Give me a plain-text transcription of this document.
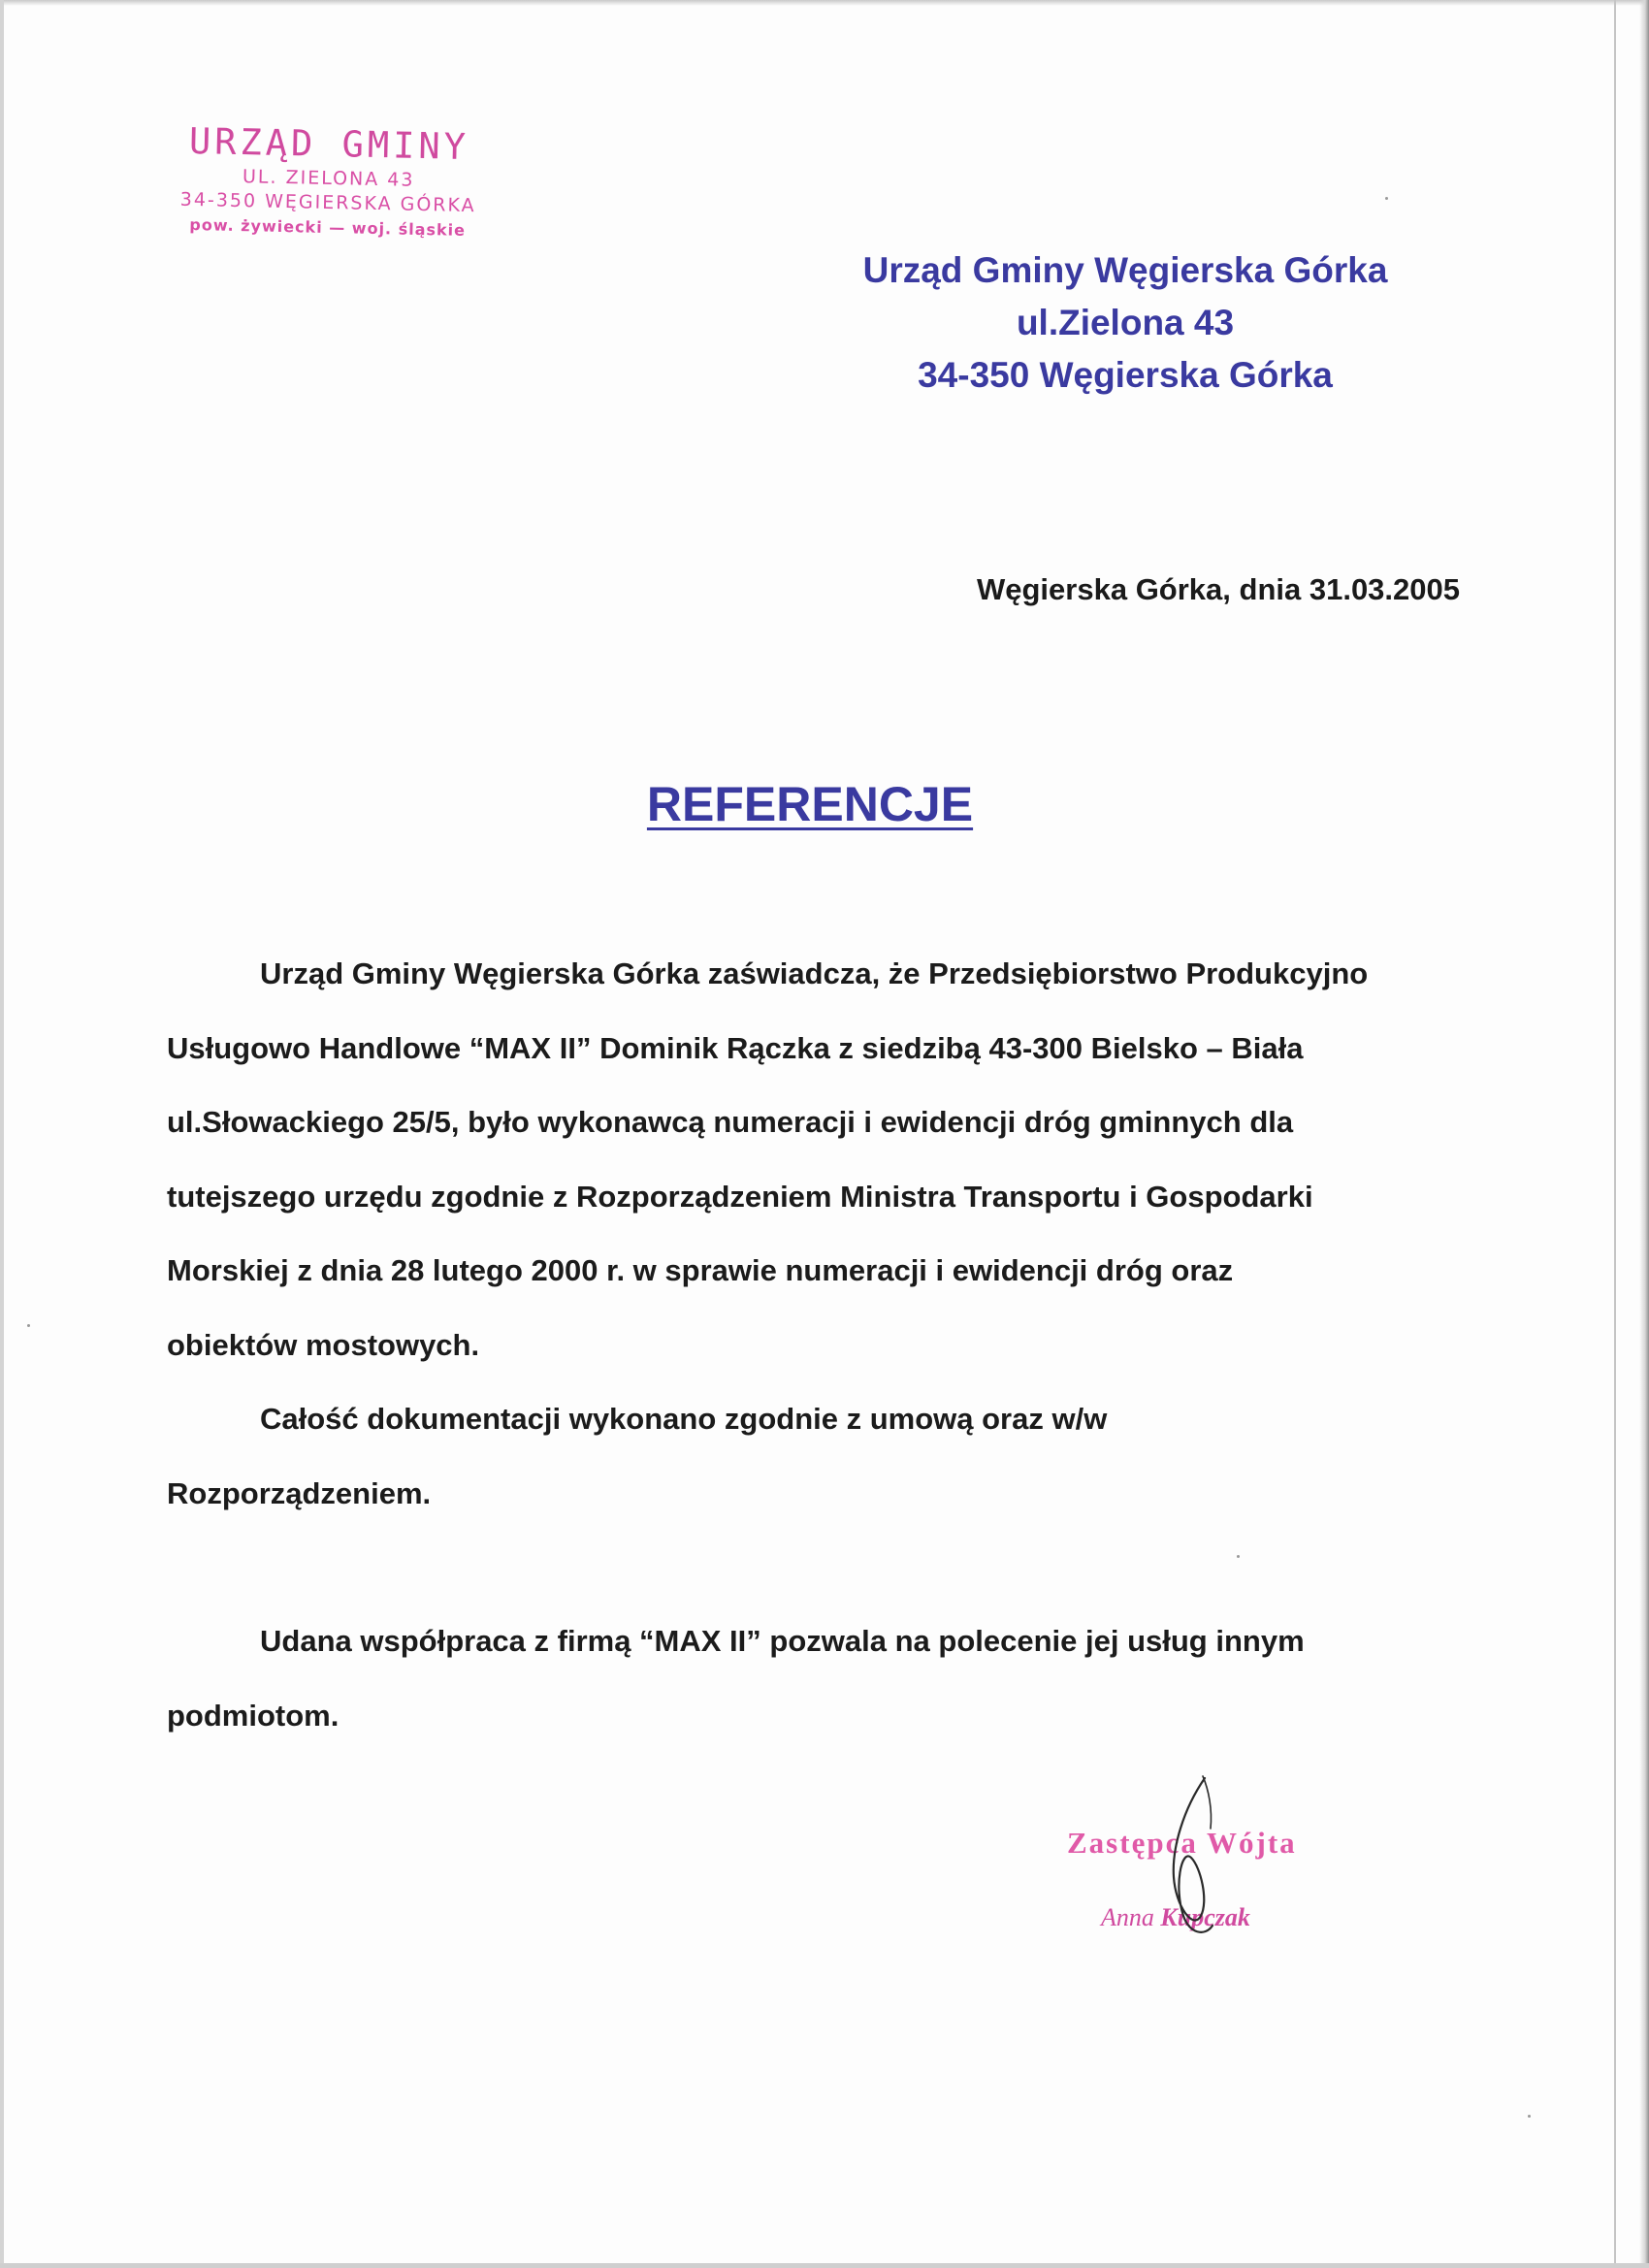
URZĄD GMINY
UL. ZIELONA 43
34-350 WĘGIERSKA GÓRKA
pow. żywiecki — woj. śląskie
Urząd Gminy Węgierska Górka
ul.Zielona 43
34-350 Węgierska Górka
Węgierska Górka, dnia 31.03.2005
REFERENCJE

Urząd Gminy Węgierska Górka zaświadcza, że Przedsiębiorstwo Produkcyjno

Usługowo Handlowe “MAX II” Dominik Rączka z siedzibą 43-300 Bielsko – Biała

ul.Słowackiego 25/5, było wykonawcą numeracji i ewidencji dróg gminnych dla

tutejszego urzędu zgodnie z Rozporządzeniem Ministra Transportu i Gospodarki

Morskiej z dnia 28 lutego 2000 r. w sprawie numeracji i ewidencji dróg oraz

obiektów mostowych.

Całość dokumentacji wykonano zgodnie z umową oraz w/w

Rozporządzeniem.

Udana współpraca z firmą “MAX II” pozwala na polecenie jej usług innym

podmiotom.

Zastępca Wójta
Anna Kupczak
